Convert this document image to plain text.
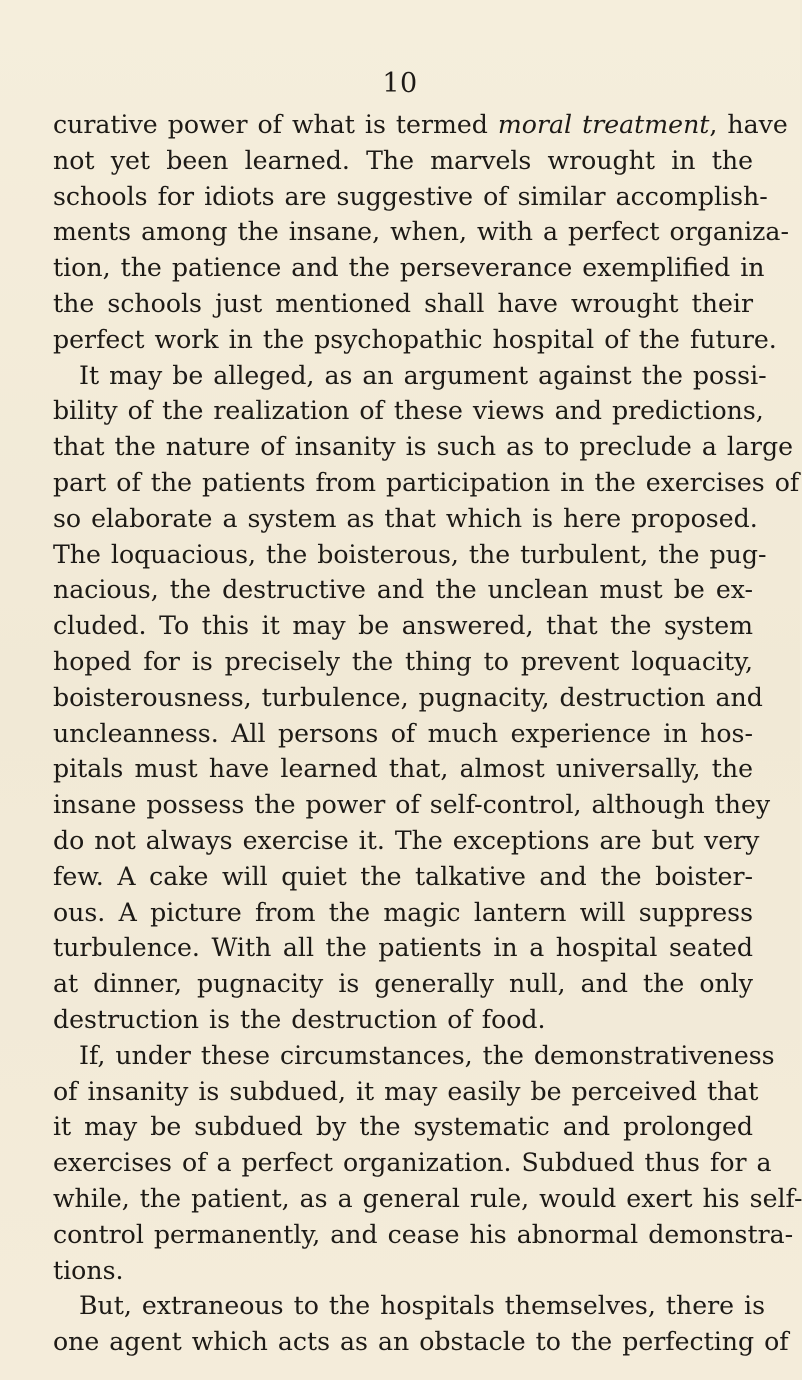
10
curative power of what is termed moral treatment, have
not yet been learned. The marvels wrought in the
schools for idiots are suggestive of similar accomplish-
ments among the insane, when, with a perfect organiza-
tion, the patience and the perseverance exemplified in
the schools just mentioned shall have wrought their
perfect work in the psychopathic hospital of the future.
It may be alleged, as an argument against the possi-
bility of the realization of these views and predictions,
that the nature of insanity is such as to preclude a large
part of the patients from participation in the exercises of
so elaborate a system as that which is here proposed.
The loquacious, the boisterous, the turbulent, the pug-
nacious, the destructive and the unclean must be ex-
cluded. To this it may be answered, that the system
hoped for is precisely the thing to prevent loquacity,
boisterousness, turbulence, pugnacity, destruction and
uncleanness. All persons of much experience in hos-
pitals must have learned that, almost universally, the
insane possess the power of self-control, although they
do not always exercise it. The exceptions are but very
few. A cake will quiet the talkative and the boister-
ous. A picture from the magic lantern will suppress
turbulence. With all the patients in a hospital seated
at dinner, pugnacity is generally null, and the only
destruction is the destruction of food.
If, under these circumstances, the demonstrativeness
of insanity is subdued, it may easily be perceived that
it may be subdued by the systematic and prolonged
exercises of a perfect organization. Subdued thus for a
while, the patient, as a general rule, would exert his self-
control permanently, and cease his abnormal demonstra-
tions.
But, extraneous to the hospitals themselves, there is
one agent which acts as an obstacle to the perfecting of
